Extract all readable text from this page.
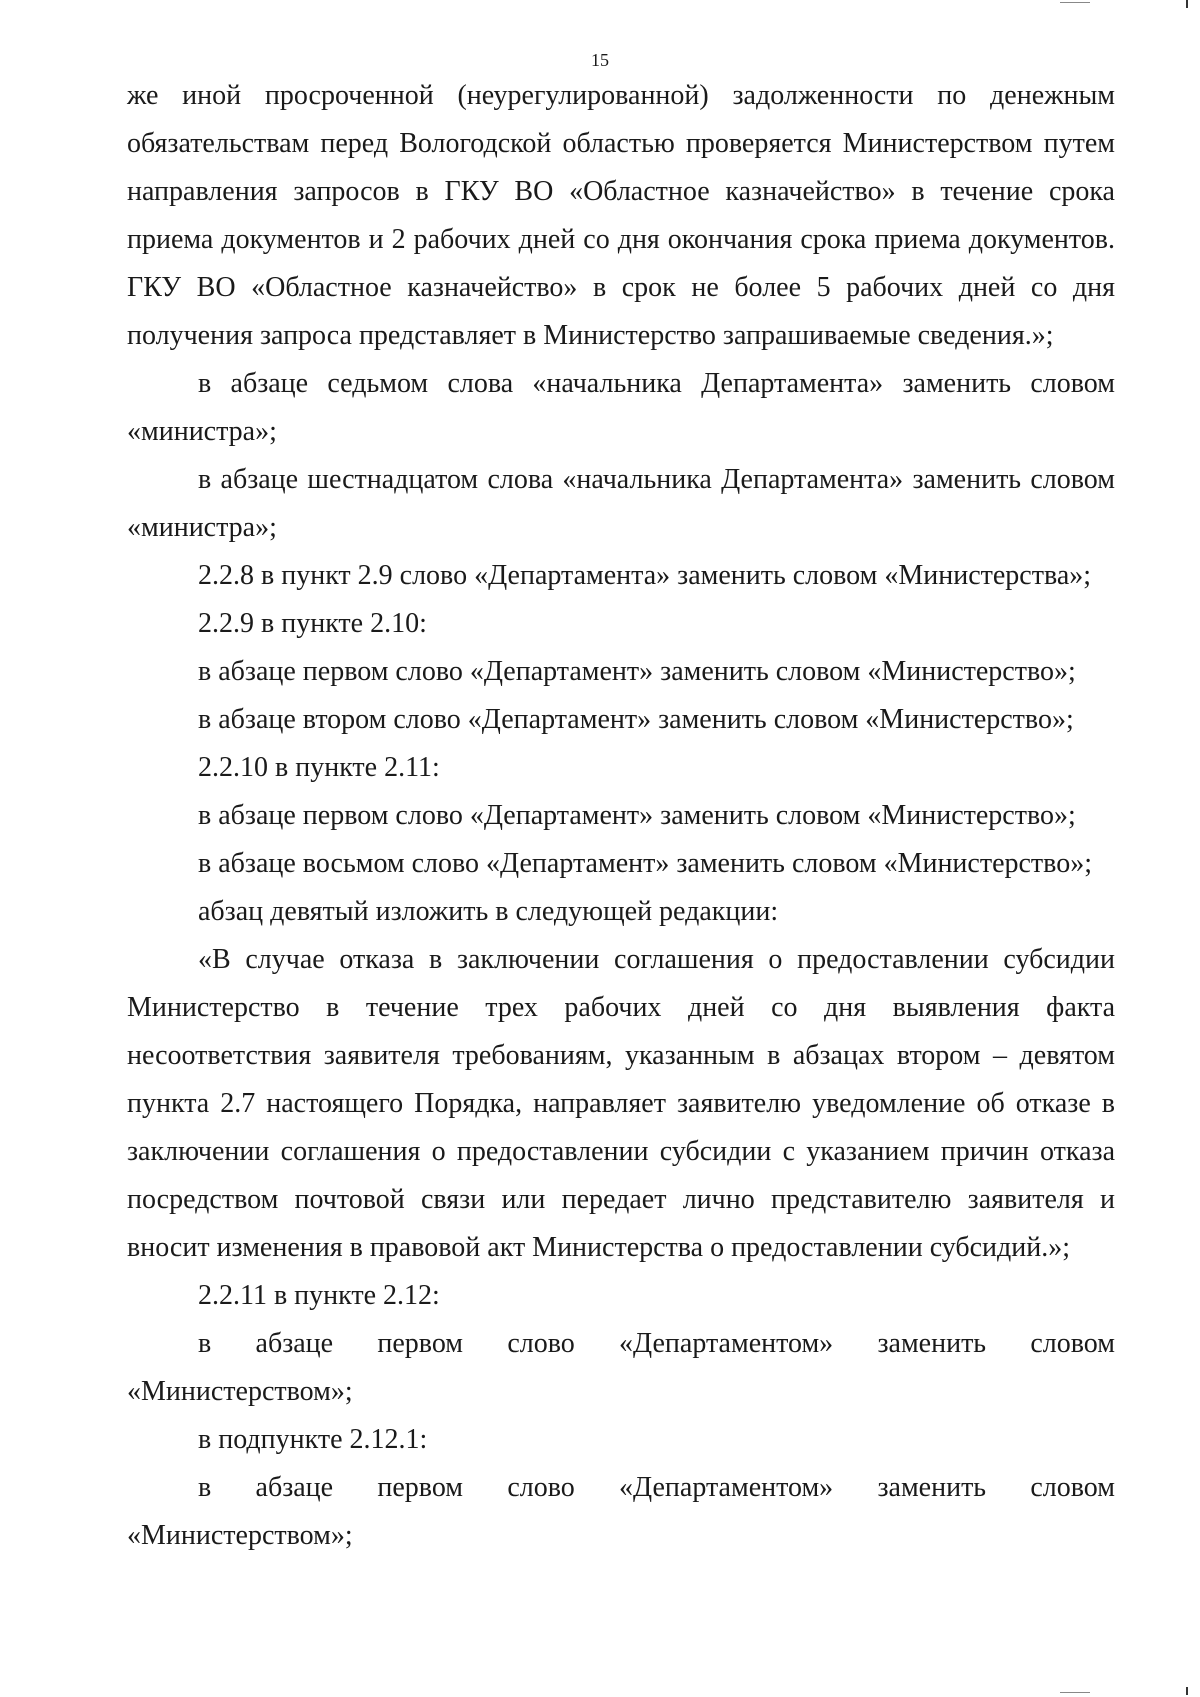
15

же иной просроченной (неурегулированной) задолженности по денежным обязательствам перед Вологодской областью проверяется Министерством путем направления запросов в ГКУ ВО «Областное казначейство» в течение срока приема документов и 2 рабочих дней со дня окончания срока приема документов. ГКУ ВО «Областное казначейство» в срок не более 5 рабочих дней со дня получения запроса представляет в Министерство запрашиваемые сведения.»;

в абзаце седьмом слова «начальника Департамента» заменить словом «министра»;

в абзаце шестнадцатом слова «начальника Департамента» заменить словом «министра»;

2.2.8 в пункт 2.9 слово «Департамента» заменить словом «Министерства»;

2.2.9 в пункте 2.10:

в абзаце первом слово «Департамент» заменить словом «Министерство»;

в абзаце втором слово «Департамент» заменить словом «Министерство»;

2.2.10 в пункте 2.11:

в абзаце первом слово «Департамент» заменить словом «Министерство»;

в абзаце восьмом слово «Департамент» заменить словом «Министерство»;

абзац девятый изложить в следующей редакции:

«В случае отказа в заключении соглашения о предоставлении субсидии Министерство в течение трех рабочих дней со дня выявления факта несоответствия заявителя требованиям, указанным в абзацах втором – девятом пункта 2.7 настоящего Порядка, направляет заявителю уведомление об отказе в заключении соглашения о предоставлении субсидии с указанием причин отказа посредством почтовой связи или передает лично представителю заявителя и вносит изменения в правовой акт Министерства о предоставлении субсидий.»;

2.2.11 в пункте 2.12:

в абзаце первом слово «Департаментом» заменить словом «Министерством»;

в подпункте 2.12.1:

в абзаце первом слово «Департаментом» заменить словом «Министерством»;
